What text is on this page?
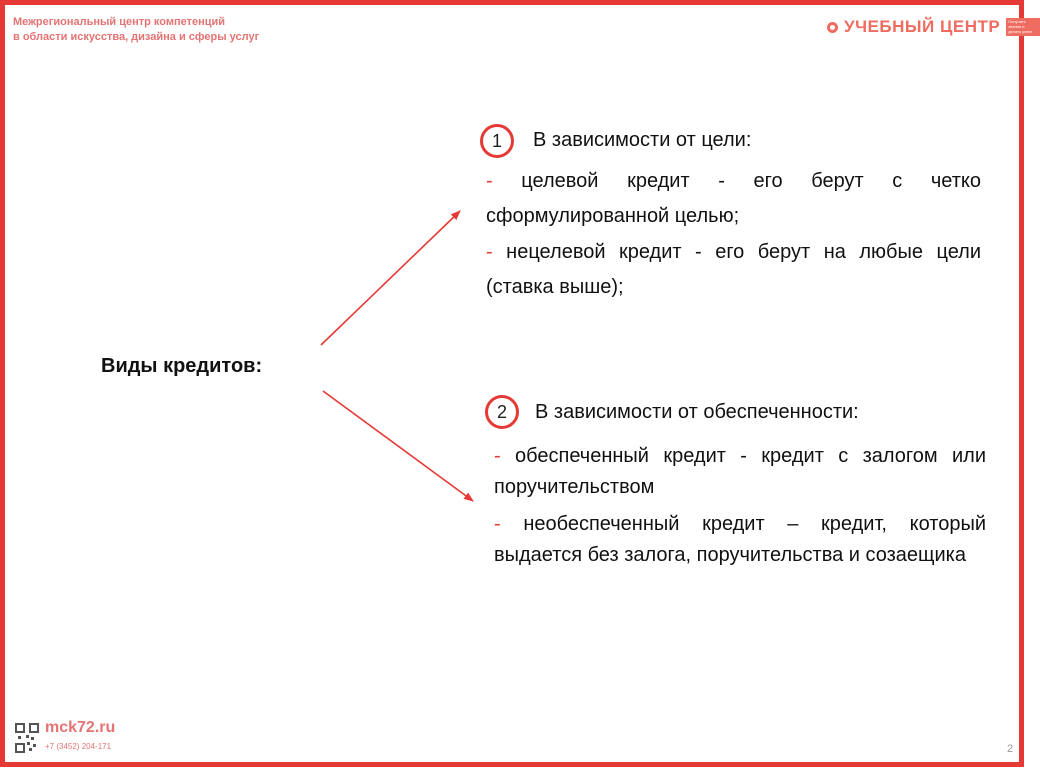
Межрегиональный центр компетенций
в области искусства, дизайна и сферы услуг
УЧЕБНЫЙ ЦЕНТР	Получать знания и делать успех
Виды кредитов:
1	В зависимости от цели:
- целевой кредит - его берут с четко сформулированной целью;
- нецелевой кредит - его берут на любые цели (ставка выше);
2	В зависимости от обеспеченности:
- обеспеченный кредит - кредит с залогом или поручительством
- необеспеченный кредит – кредит, который выдается без залога, поручительства и созаещика
mck72.ru
+7 (3452) 204-171	2
